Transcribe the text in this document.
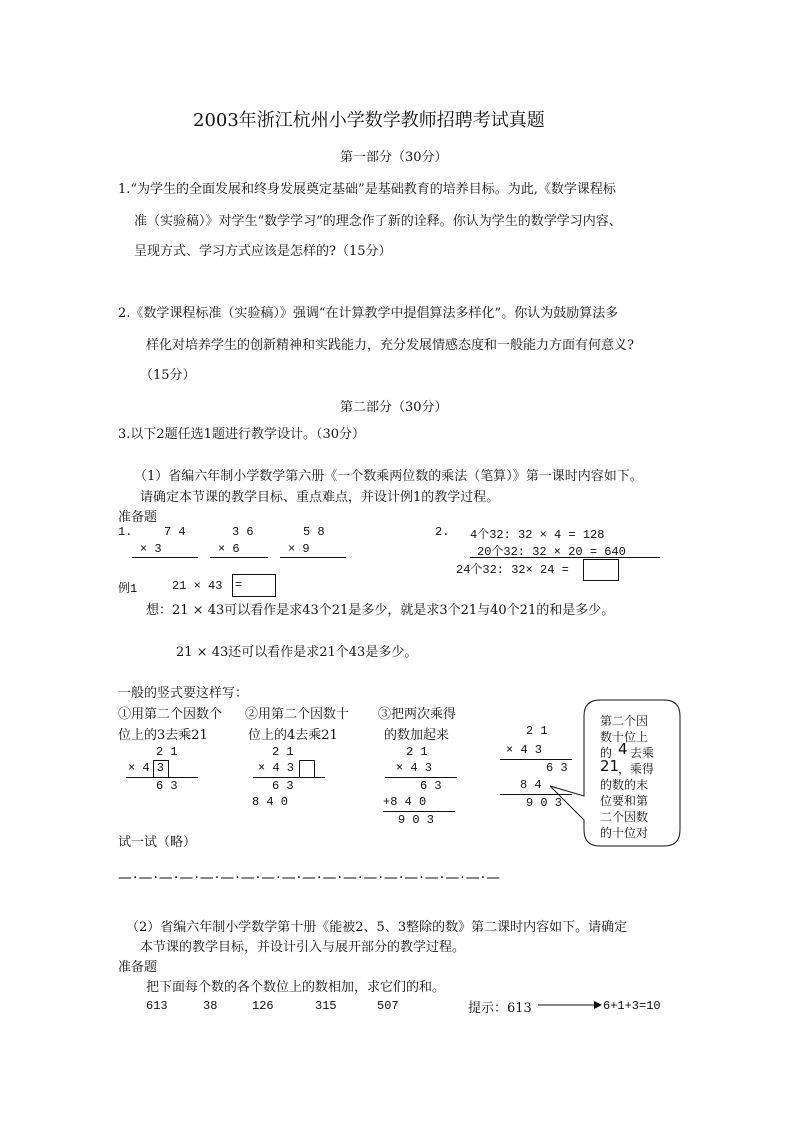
2003年浙江杭州小学数学教师招聘考试真题
第一部分（30分）
1.“为学生的全面发展和终身发展奠定基础”是基础教育的培养目标。为此,《数学课程标
准（实验稿）》对学生“数学学习”的理念作了新的诠释。你认为学生的数学学习内容、
呈现方式、学习方式应该是怎样的?（15分）
2.《数学课程标准（实验稿）》强调“在计算教学中提倡算法多样化”。你认为鼓励算法多
样化对培养学生的创新精神和实践能力，充分发展情感态度和一般能力方面有何意义?
（15分）
第二部分（30分）
3.以下2题任选1题进行教学设计。（30分）
（1）省编六年制小学数学第六册《一个数乘两位数的乘法（笔算）》第一课时内容如下。
请确定本节课的教学目标、重点难点，并设计例1的教学过程。
准备题
1.	7 4
× 3
3 6
× 6
5 8
× 9
2. 4个32: 32 × 4 = 128
20个32: 32 × 20 = 640
24个32: 32× 24 =
例1	21 × 43 =
想：21 × 43可以看作是求43个21是多少，就是求3个21与40个21的和是多少。
21 × 43还可以看作是求21个43是多少。
一般的竖式要这样写：
①用第二个因数个
位上的3去乘21
②用第二个因数十
位上的4去乘21
③把两次乘得
的数加起来
2 1
× 4 3
6 3
2 1
× 4 3
6 3
8 4 0
2 1
× 4 3
6 3
+8 4 0
9 0 3
2 1
× 4 3
6 3
8 4
9 0 3
第二个因
数十位上
的 4 去乘
21
，乘得
的数的末
位要和第
二个因数
的十位对
试一试（略）
—·—·—·—·—·—·—·—·—·—·—·—·—·—·—·—·—·—·—
（2）省编六年制小学数学第十册《能被2、5、3整除的数》第二课时内容如下。请确定
本节课的教学目标，并设计引入与展开部分的教学过程。
准备题
把下面每个数的各个数位上的数相加，求它们的和。
613	38	126	315	507	提示：613	6+1+3=10
